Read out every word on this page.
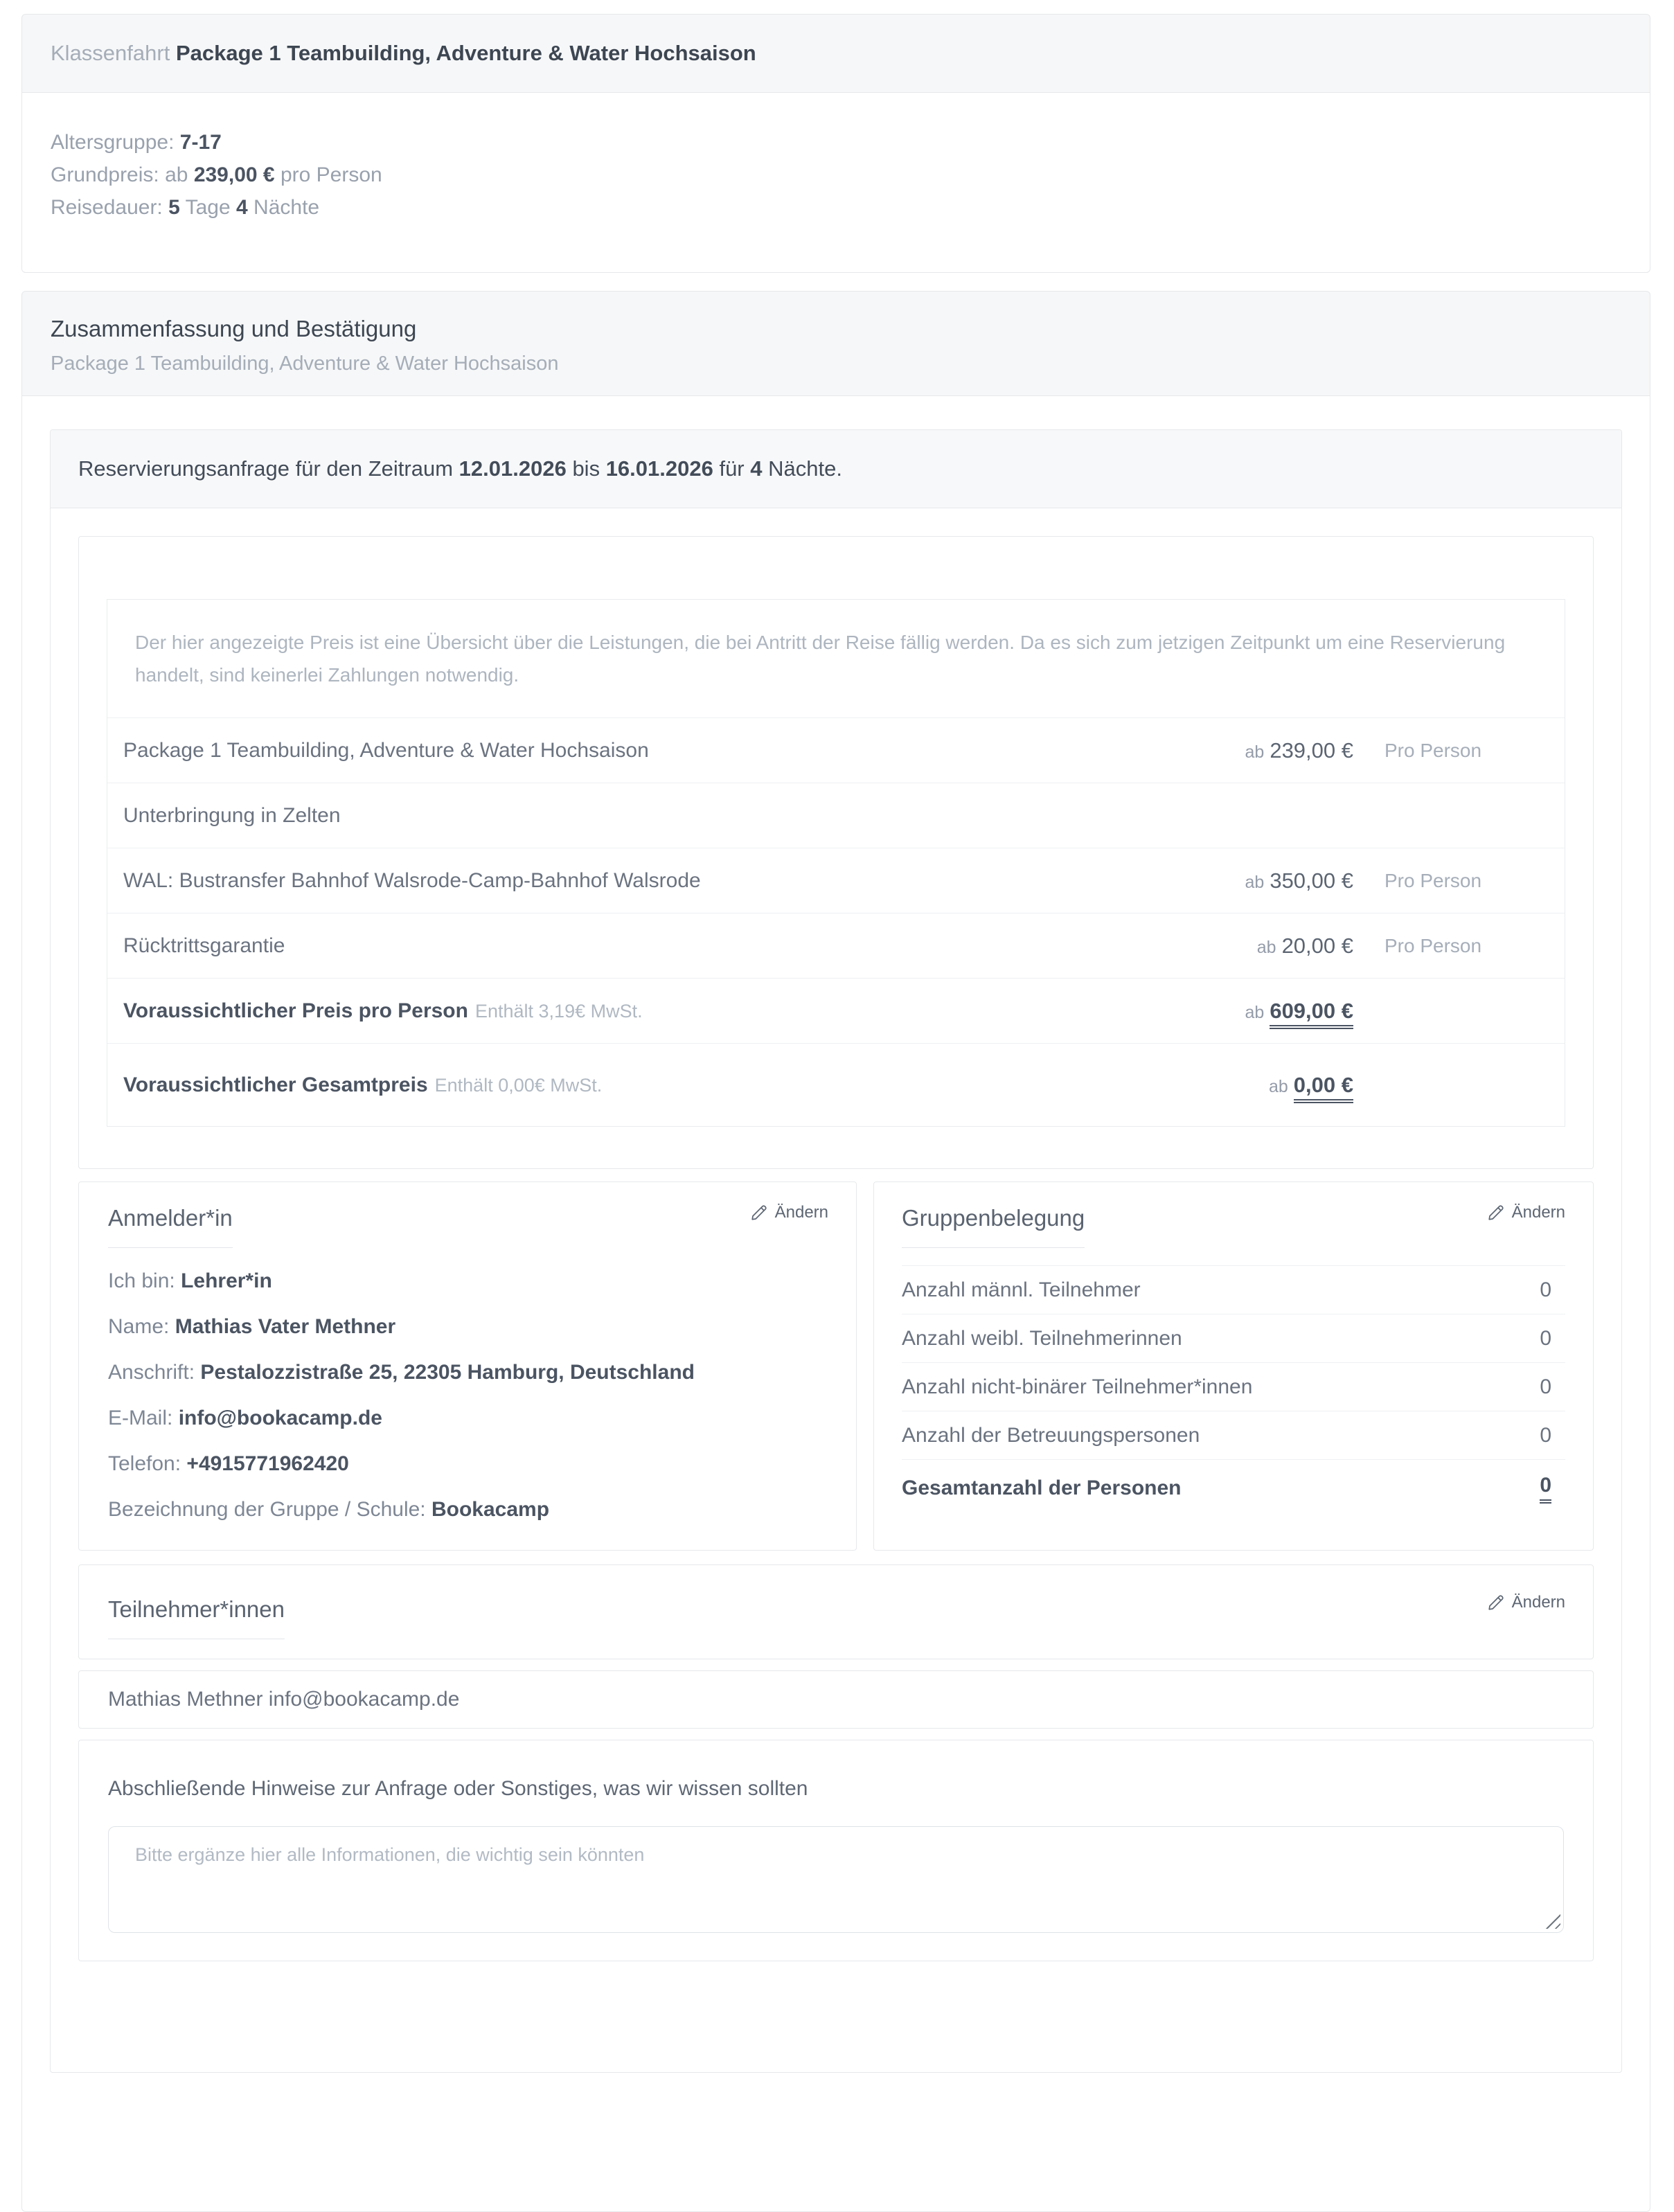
Klassenfahrt Package 1 Teambuilding, Adventure & Water Hochsaison
Altersgruppe: 7-17
Grundpreis: ab 239,00 € pro Person
Reisedauer: 5 Tage 4 Nächte
Zusammenfassung und Bestätigung
Package 1 Teambuilding, Adventure & Water Hochsaison
Reservierungsanfrage für den Zeitraum 12.01.2026 bis 16.01.2026 für 4 Nächte.
Der hier angezeigte Preis ist eine Übersicht über die Leistungen, die bei Antritt der Reise fällig werden. Da es sich zum jetzigen Zeitpunkt um eine Reservierung handelt, sind keinerlei Zahlungen notwendig.
Package 1 Teambuilding, Adventure & Water Hochsaison	ab 239,00 €	Pro Person
Unterbringung in Zelten
WAL: Bustransfer Bahnhof Walsrode-Camp-Bahnhof Walsrode	ab 350,00 €	Pro Person
Rücktrittsgarantie	ab 20,00 €	Pro Person
Voraussichtlicher Preis pro Person Enthält 3,19€ MwSt.	ab 609,00 €
Voraussichtlicher Gesamtpreis Enthält 0,00€ MwSt.	ab 0,00 €
Ändern
Anmelder*in
Ich bin: Lehrer*in
Name: Mathias Vater Methner
Anschrift: Pestalozzistraße 25, 22305 Hamburg, Deutschland
E-Mail: info@bookacamp.de
Telefon: +4915771962420
Bezeichnung der Gruppe / Schule: Bookacamp
Ändern
Gruppenbelegung
Anzahl männl. Teilnehmer	0
Anzahl weibl. Teilnehmerinnen	0
Anzahl nicht-binärer Teilnehmer*innen	0
Anzahl der Betreuungspersonen	0
Gesamtanzahl der Personen	0
Ändern
Teilnehmer*innen
Mathias Methner info@bookacamp.de
Abschließende Hinweise zur Anfrage oder Sonstiges, was wir wissen sollten
Bitte ergänze hier alle Informationen, die wichtig sein könnten
